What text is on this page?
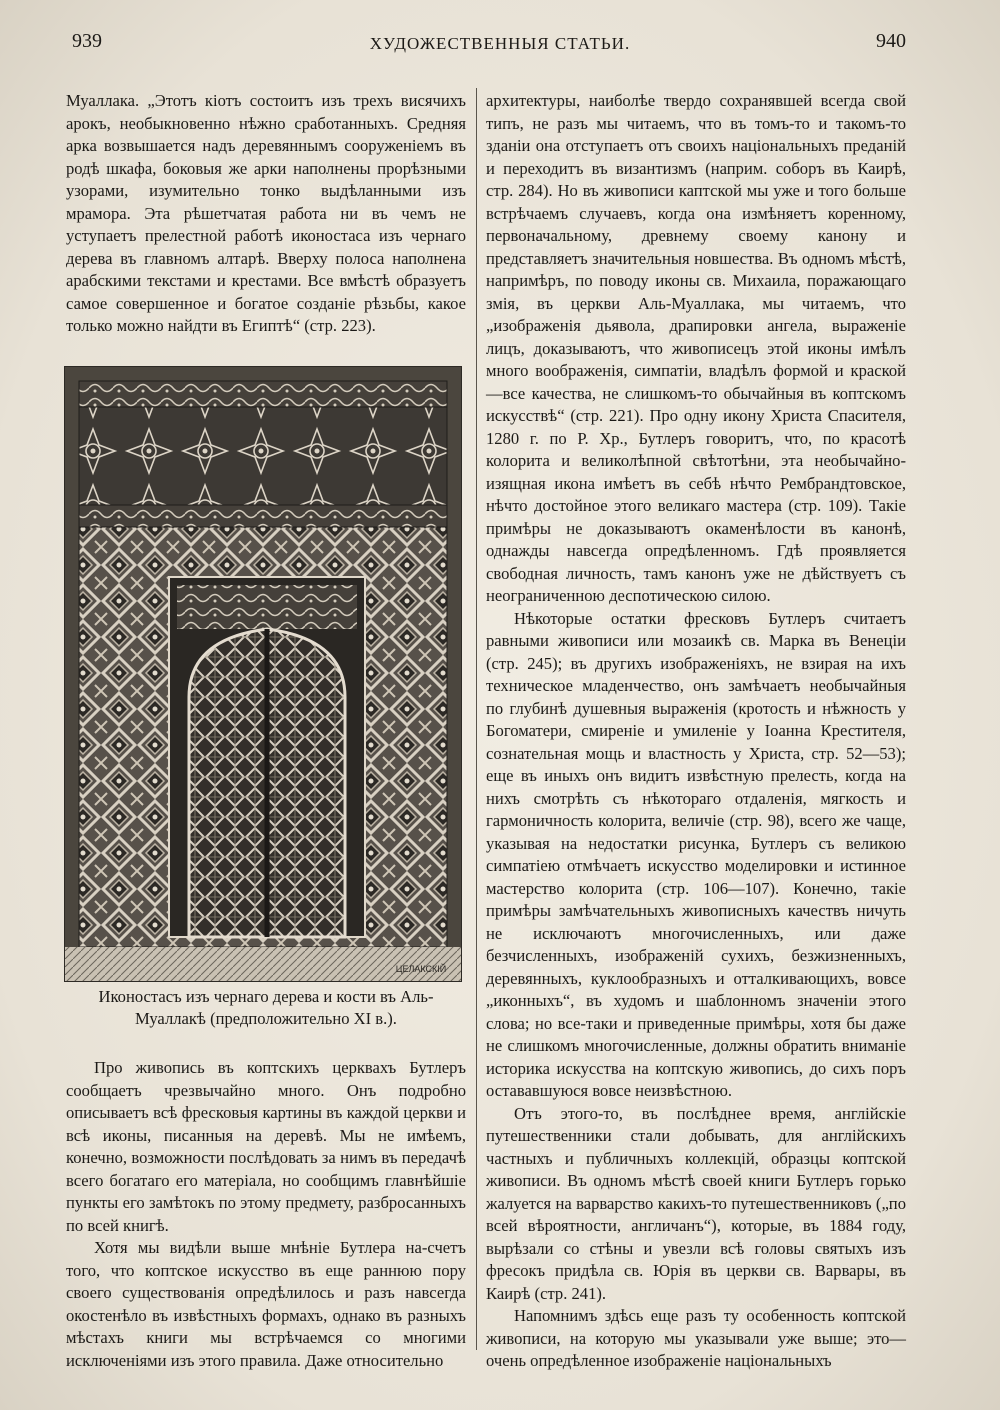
939	ХУДОЖЕСТВЕННЫЯ СТАТЬИ.	940

Муаллака. „Этотъ кіотъ состоитъ изъ трехъ висячихъ арокъ, необыкновенно нѣжно сработанныхъ. Средняя арка возвышается надъ деревяннымъ сооруженіемъ въ родѣ шкафа, боковыя же арки наполнены прорѣзными узорами, изумительно тонко выдѣланными изъ мрамора. Эта рѣшетчатая работа ни въ чемъ не уступаетъ прелестной работѣ иконостаса изъ чернаго дерева въ главномъ алтарѣ. Вверху полоса наполнена арабскими текстами и крестами. Все вмѣстѣ образуетъ самое совершенное и богатое созданіе рѣзьбы, какое только можно найдти въ Египтѣ“ (стр. 223).

ЦЕЛАКСКІЙ
Иконостасъ изъ чернаго дерева и кости въ Аль-Муаллакѣ (предположительно XI в.).

Про живопись въ коптскихъ церквахъ Бутлеръ сообщаетъ чрезвычайно много. Онъ подробно описываетъ всѣ фресковыя картины въ каждой церкви и всѣ иконы, писанныя на деревѣ. Мы не имѣемъ, конечно, возможности послѣдовать за нимъ въ передачѣ всего богатаго его матеріала, но сообщимъ главнѣйшіе пункты его замѣтокъ по этому предмету, разбросанныхъ по всей книгѣ.

Хотя мы видѣли выше мнѣніе Бутлера на-счетъ того, что коптское искусство въ еще раннюю пору своего существованія опредѣлилось и разъ навсегда окостенѣло въ извѣстныхъ формахъ, однако въ разныхъ мѣстахъ книги мы встрѣчаемся со многими исключеніями изъ этого правила. Даже относительно

архитектуры, наиболѣе твердо сохранявшей всегда свой типъ, не разъ мы читаемъ, что въ томъ-то и такомъ-то зданіи она отступаетъ отъ своихъ національныхъ преданій и переходитъ въ византизмъ (наприм. соборъ въ Каирѣ, стр. 284). Но въ живописи каптской мы уже и того больше встрѣчаемъ случаевъ, когда она измѣняетъ коренному, первоначальному, древнему своему канону и представляетъ значительныя новшества. Въ одномъ мѣстѣ, напримѣръ, по поводу иконы св. Михаила, поражающаго змія, въ церкви Аль-Муаллака, мы читаемъ, что „изображенія дьявола, драпировки ангела, выраженіе лицъ, доказываютъ, что живописецъ этой иконы имѣлъ много воображенія, симпатіи, владѣлъ формой и краской—все качества, не слишкомъ-то обычайныя въ коптскомъ искусствѣ“ (стр. 221). Про одну икону Христа Спасителя, 1280 г. по Р. Хр., Бутлеръ говоритъ, что, по красотѣ колорита и великолѣпной свѣтотѣни, эта необычайно-изящная икона имѣетъ въ себѣ нѣчто Рембрандтовское, нѣчто достойное этого великаго мастера (стр. 109). Такіе примѣры не доказываютъ окаменѣлости въ канонѣ, однажды навсегда опредѣленномъ. Гдѣ проявляется свободная личность, тамъ канонъ уже не дѣйствуетъ съ неограниченною деспотическою силою.

Нѣкоторые остатки фресковъ Бутлеръ считаетъ равными живописи или мозаикѣ св. Марка въ Венеціи (стр. 245); въ другихъ изображеніяхъ, не взирая на ихъ техническое младенчество, онъ замѣчаетъ необычайныя по глубинѣ душевныя выраженія (кротость и нѣжность у Богоматери, смиреніе и умиленіе у Іоанна Крестителя, сознательная мощь и властность у Христа, стр. 52—53); еще въ иныхъ онъ видитъ извѣстную прелесть, когда на нихъ смотрѣть съ нѣкотораго отдаленія, мягкость и гармоничность колорита, величіе (стр. 98), всего же чаще, указывая на недостатки рисунка, Бутлеръ съ великою симпатіею отмѣчаетъ искусство моделировки и истинное мастерство колорита (стр. 106—107). Конечно, такіе примѣры замѣчательныхъ живописныхъ качествъ ничуть не исключаютъ многочисленныхъ, или даже безчисленныхъ, изображеній сухихъ, безжизненныхъ, деревянныхъ, куклообразныхъ и отталкивающихъ, вовсе „иконныхъ“, въ худомъ и шаблонномъ значеніи этого слова; но все-таки и приведенные примѣры, хотя бы даже не слишкомъ многочисленные, должны обратить вниманіе историка искусства на коптскую живопись, до сихъ поръ остававшуюся вовсе неизвѣстною.

Отъ этого-то, въ послѣднее время, англійскіе путешественники стали добывать, для англійскихъ частныхъ и публичныхъ коллекцій, образцы коптской живописи. Въ одномъ мѣстѣ своей книги Бутлеръ горько жалуется на варварство какихъ-то путешественниковъ („по всей вѣроятности, англичанъ“), которые, въ 1884 году, вырѣзали со стѣны и увезли всѣ головы святыхъ изъ фресокъ придѣла св. Юрія въ церкви св. Варвары, въ Каирѣ (стр. 241).

Напомнимъ здѣсь еще разъ ту особенность коптской живописи, на которую мы указывали уже выше; это—очень опредѣленное изображеніе національныхъ
